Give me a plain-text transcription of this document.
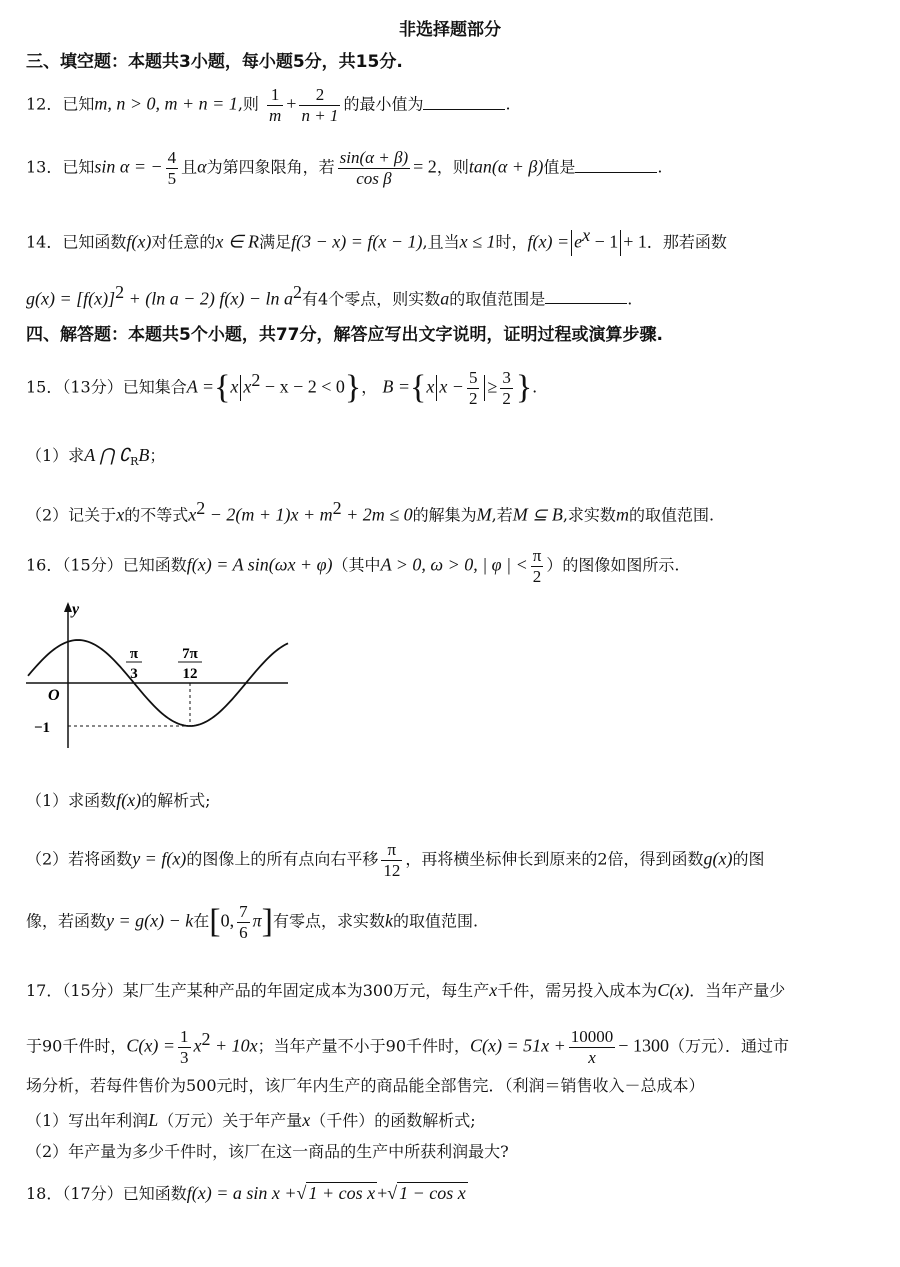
非选择题部分
三、填空题：本题共3小题，每小题5分，共15分.
12．已知m, n > 0, m + n = 1,则 $\frac{1}{m} + \frac{2}{n + 1}$ 的最小值为	.
13．已知sin α = − $\frac{4}{5}$ 且α为第四象限角，若 $\frac{\sin(\alpha + \beta)}{\text{cos β}} = 2$，则tan(α + β)值是	.
14．已知函数f(x)对任意的x ∈ R满足f(3 − x) = f(x − 1),且当x ≤ 1时，$f(x) = e^x - 1 + 1$．那若函数
$g(x) = [f(x)]^2 + (\ln$ a − 2) $f(x) - \ln a^2$有4个零点，则实数a的取值范围是	.
四、解答题：本题共5个小题，共77分，解答应写出文字说明，证明过程或演算步骤.
15．（13分）已知集合A ={x $x^2 - x - 2 < 0$}， B ={x $x - \frac{5}{2} \ge \frac{3}{2}$ }.
（1）求A ⋂ $∁_RB$；
（2）记关于x的不等式$x^2 - 2(m + 1)x + m^2 + 2m \le 0$的解集为M,若M ⊆ B,求实数m的取值范围.
16．（15分）已知函数f(x) = A sin(ωx + φ)（其中A > 0, ω > 0, | φ | < $\frac{\pi}{2}$ ）的图像如图所示.
y
O
−1
π
3
7π
12
（1）求函数f(x)的解析式;
（2）若将函数y = f(x)的图像上的所有点向右平移 $\frac{\pi}{12}$ ，再将横坐标伸长到原来的2倍，得到函数g(x)的图
像，若函数y = g(x) − k在[0, $\frac{7}{6} \pi$]有零点，求实数k的取值范围.
17．（15分）某厂生产某种产品的年固定成本为300万元，每生产x千件，需另投入成本为C(x)．当年产量少
于90千件时，$C(x) = \frac{1}{3} x^2 + 10x$；当年产量不小于90千件时，$C(x) = 51x + \frac{10000}{x} - 1300$（万元）．通过市
场分析，若每件售价为500元时，该厂年内生产的商品能全部售完．（利润＝销售收入－总成本）
（1）写出年利润L（万元）关于年产量x（千件）的函数解析式;
（2）年产量为多少千件时，该厂在这一商品的生产中所获利润最大?
18．（17分）已知函数f(x) = a sin x +√ 1 + cos x +√ 1 − cos x
